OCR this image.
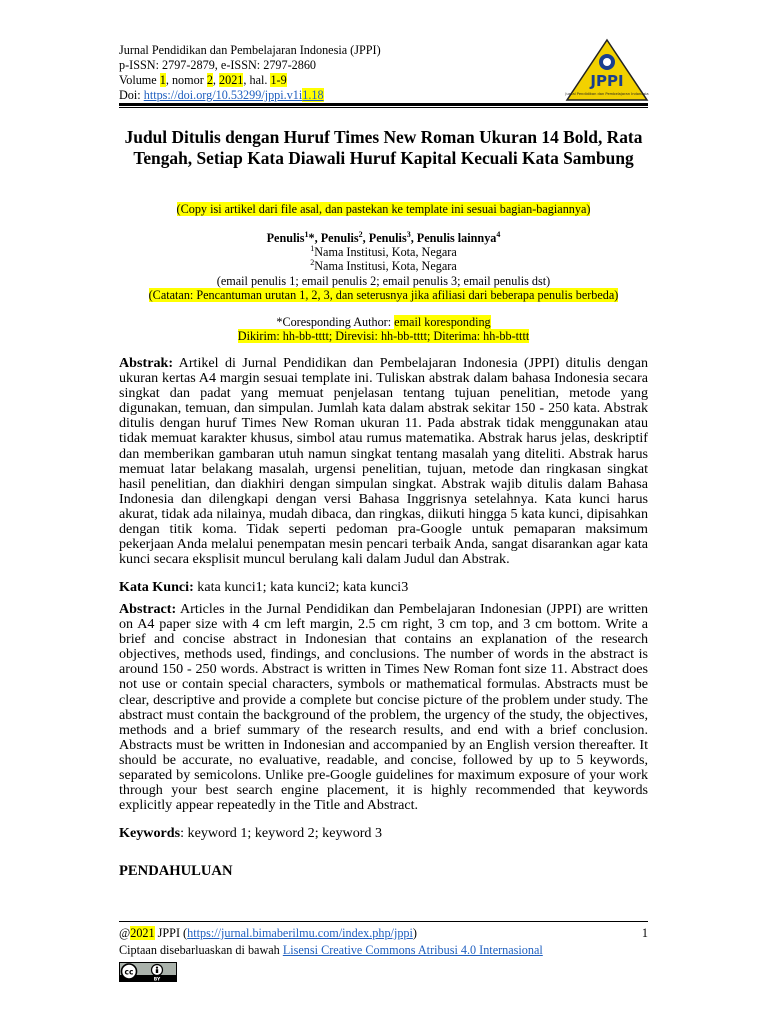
Jurnal Pendidikan dan Pembelajaran Indonesia (JPPI)
p-ISSN: 2797-2879, e-ISSN: 2797-2860
Volume 1, nomor 2, 2021, hal. 1-9
Doi: https://doi.org/10.53299/jppi.v1i1.18
JPPI
Jurnal Pendidikan dan Pembelajaran Indonesia
Judul Ditulis dengan Huruf Times New Roman Ukuran 14 Bold, Rata Tengah, Setiap Kata Diawali Huruf Kapital Kecuali Kata Sambung
(Copy isi artikel dari file asal, dan pastekan ke template ini sesuai bagian-bagiannya)
Penulis$^1$*, Penulis$^2$, Penulis$^3$, Penulis lainnya$^4$
$^1$Nama Institusi, Kota, Negara
$^2$Nama Institusi, Kota, Negara
(email penulis 1; email penulis 2; email penulis 3; email penulis dst)
(Catatan: Pencantuman urutan 1, 2, 3, dan seterusnya jika afiliasi dari beberapa penulis berbeda)
*Coresponding Author: email koresponding
Dikirim: hh-bb-tttt; Direvisi: hh-bb-tttt; Diterima: hh-bb-tttt
Abstrak: Artikel di Jurnal Pendidikan dan Pembelajaran Indonesia (JPPI) ditulis dengan ukuran kertas A4 margin sesuai template ini. Tuliskan abstrak dalam bahasa Indonesia secara singkat dan padat yang memuat penjelasan tentang tujuan penelitian, metode yang digunakan, temuan, dan simpulan. Jumlah kata dalam abstrak sekitar 150 - 250 kata. Abstrak ditulis dengan huruf Times New Roman ukuran 11. Pada abstrak tidak menggunakan atau tidak memuat karakter khusus, simbol atau rumus matematika. Abstrak harus jelas, deskriptif dan memberikan gambaran utuh namun singkat tentang masalah yang diteliti. Abstrak harus memuat latar belakang masalah, urgensi penelitian, tujuan, metode dan ringkasan singkat hasil penelitian, dan diakhiri dengan simpulan singkat. Abstrak wajib ditulis dalam Bahasa Indonesia dan dilengkapi dengan versi Bahasa Inggrisnya setelahnya. Kata kunci harus akurat, tidak ada nilainya, mudah dibaca, dan ringkas, diikuti hingga 5 kata kunci, dipisahkan dengan titik koma. Tidak seperti pedoman pra-Google untuk pemaparan maksimum pekerjaan Anda melalui penempatan mesin pencari terbaik Anda, sangat disarankan agar kata kunci secara eksplisit muncul berulang kali dalam Judul dan Abstrak.
Kata Kunci: kata kunci1; kata kunci2; kata kunci3
Abstract: Articles in the Jurnal Pendidikan dan Pembelajaran Indonesian (JPPI) are written on A4 paper size with 4 cm left margin, 2.5 cm right, 3 cm top, and 3 cm bottom. Write a brief and concise abstract in Indonesian that contains an explanation of the research objectives, methods used, findings, and conclusions. The number of words in the abstract is around 150 - 250 words. Abstract is written in Times New Roman font size 11. Abstract does not use or contain special characters, symbols or mathematical formulas. Abstracts must be clear, descriptive and provide a complete but concise picture of the problem under study. The abstract must contain the background of the problem, the urgency of the study, the objectives, methods and a brief summary of the research results, and end with a brief conclusion. Abstracts must be written in Indonesian and accompanied by an English version thereafter. It should be accurate, no evaluative, readable, and concise, followed by up to 5 keywords, separated by semicolons. Unlike pre-Google guidelines for maximum exposure of your work through your best search engine placement, it is highly recommended that keywords explicitly appear repeatedly in the Title and Abstract.
Keywords: keyword 1; keyword 2; keyword 3
PENDAHULUAN
@2021 JPPI (https://jurnal.bimaberilmu.com/index.php/jppi)	1
Ciptaan disebarluaskan di bawah Lisensi Creative Commons Atribusi 4.0 Internasional
cc
BY
